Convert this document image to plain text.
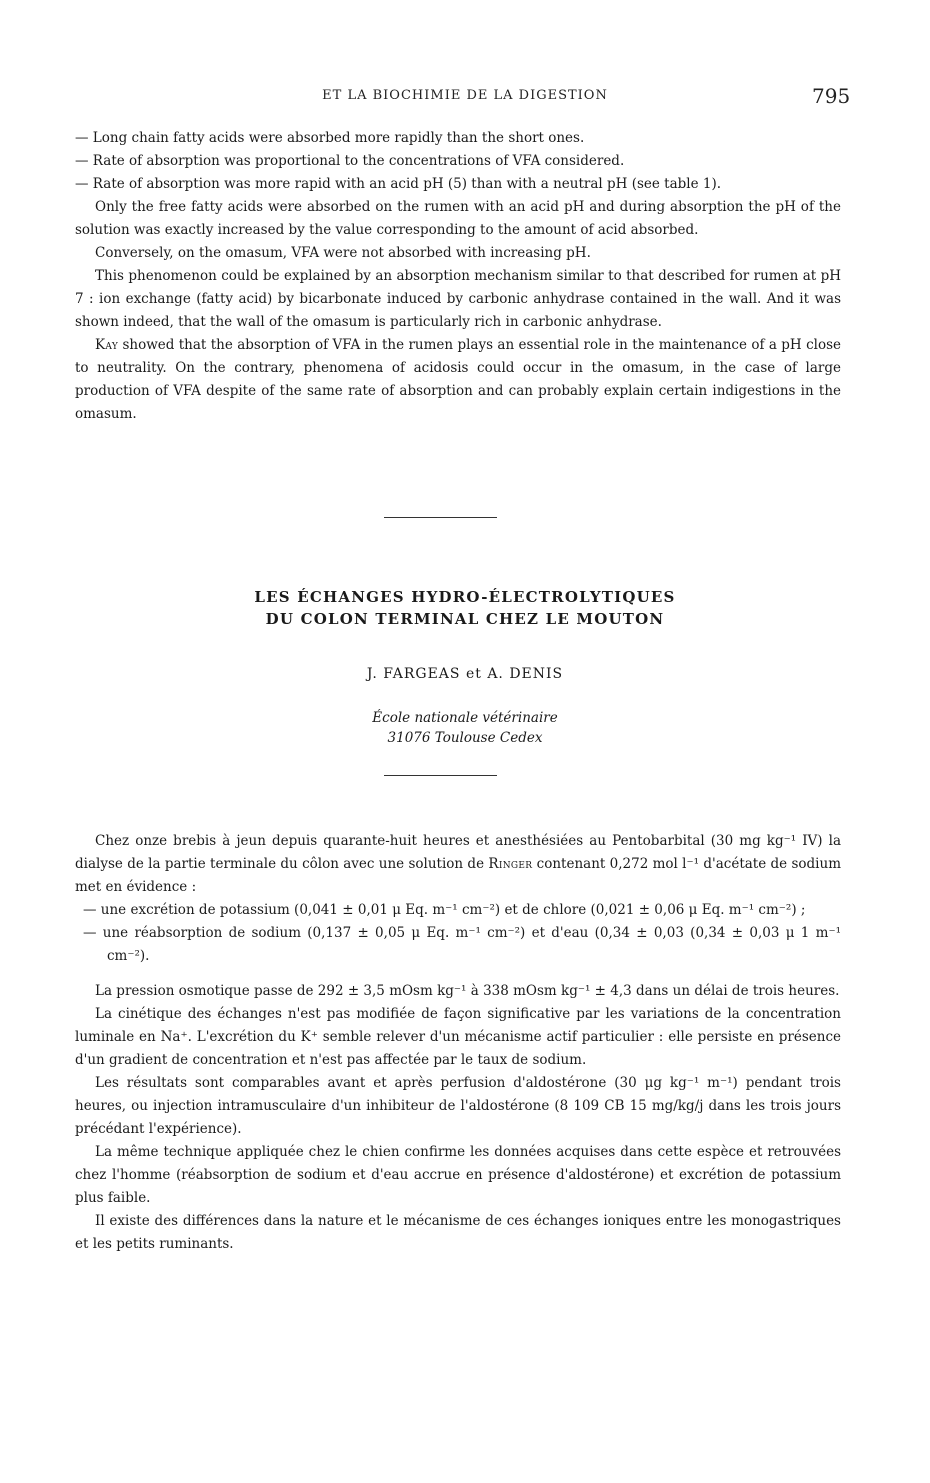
ET LA BIOCHIMIE DE LA DIGESTION	795

— Long chain fatty acids were absorbed more rapidly than the short ones.

— Rate of absorption was proportional to the concentrations of VFA considered.

— Rate of absorption was more rapid with an acid pH (5) than with a neutral pH (see table 1).

Only the free fatty acids were absorbed on the rumen with an acid pH and during absorption the pH of the solution was exactly increased by the value corresponding to the amount of acid absorbed.

Conversely, on the omasum, VFA were not absorbed with increasing pH.

This phenomenon could be explained by an absorption mechanism similar to that described for rumen at pH 7 : ion exchange (fatty acid) by bicarbonate induced by carbonic anhydrase contained in the wall. And it was shown indeed, that the wall of the omasum is particularly rich in carbonic anhydrase.

Kay showed that the absorption of VFA in the rumen plays an essential role in the maintenance of a pH close to neutrality. On the contrary, phenomena of acidosis could occur in the omasum, in the case of large production of VFA despite of the same rate of absorption and can probably explain certain indigestions in the omasum.

LES ÉCHANGES HYDRO-ÉLECTROLYTIQUES
DU COLON TERMINAL CHEZ LE MOUTON
J. FARGEAS et A. DENIS
École nationale vétérinaire
31076 Toulouse Cedex

Chez onze brebis à jeun depuis quarante-huit heures et anesthésiées au Pentobarbital (30 mg kg⁻¹ IV) la dialyse de la partie terminale du côlon avec une solution de Ringer contenant 0,272 mol l⁻¹ d'acétate de sodium met en évidence :

— une excrétion de potassium (0,041 ± 0,01 μ Eq. m⁻¹ cm⁻²) et de chlore (0,021 ± 0,06 μ Eq. m⁻¹ cm⁻²) ;

— une réabsorption de sodium (0,137 ± 0,05 μ Eq. m⁻¹ cm⁻²) et d'eau (0,34 ± 0,03 (0,34 ± 0,03 μ 1 m⁻¹ cm⁻²).

La pression osmotique passe de 292 ± 3,5 mOsm kg⁻¹ à 338 mOsm kg⁻¹ ± 4,3 dans un délai de trois heures.

La cinétique des échanges n'est pas modifiée de façon significative par les variations de la concentration luminale en Na⁺. L'excrétion du K⁺ semble relever d'un mécanisme actif particulier : elle persiste en présence d'un gradient de concentration et n'est pas affectée par le taux de sodium.

Les résultats sont comparables avant et après perfusion d'aldostérone (30 μg kg⁻¹ m⁻¹) pendant trois heures, ou injection intramusculaire d'un inhibiteur de l'aldostérone (8 109 CB 15 mg/kg/j dans les trois jours précédant l'expérience).

La même technique appliquée chez le chien confirme les données acquises dans cette espèce et retrouvées chez l'homme (réabsorption de sodium et d'eau accrue en présence d'aldostérone) et excrétion de potassium plus faible.

Il existe des différences dans la nature et le mécanisme de ces échanges ioniques entre les monogastriques et les petits ruminants.
